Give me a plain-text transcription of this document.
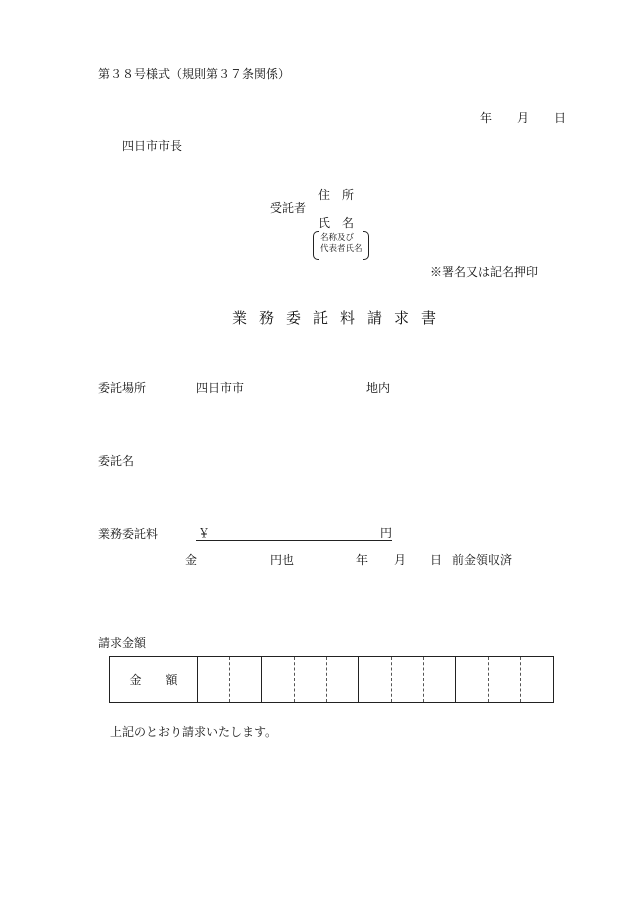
第３８号様式（規則第３７条関係）
年 月 日
四日市市長
受託者
住　所
氏　名
名称及び
代表者氏名
※署名又は記名押印
業務委託料請求書
委託場所	四日市市	地内
委託名
業務委託料	￥	円
金	円也	年 月 日 前金領収済
請求金額
金　　額
上記のとおり請求いたします。
